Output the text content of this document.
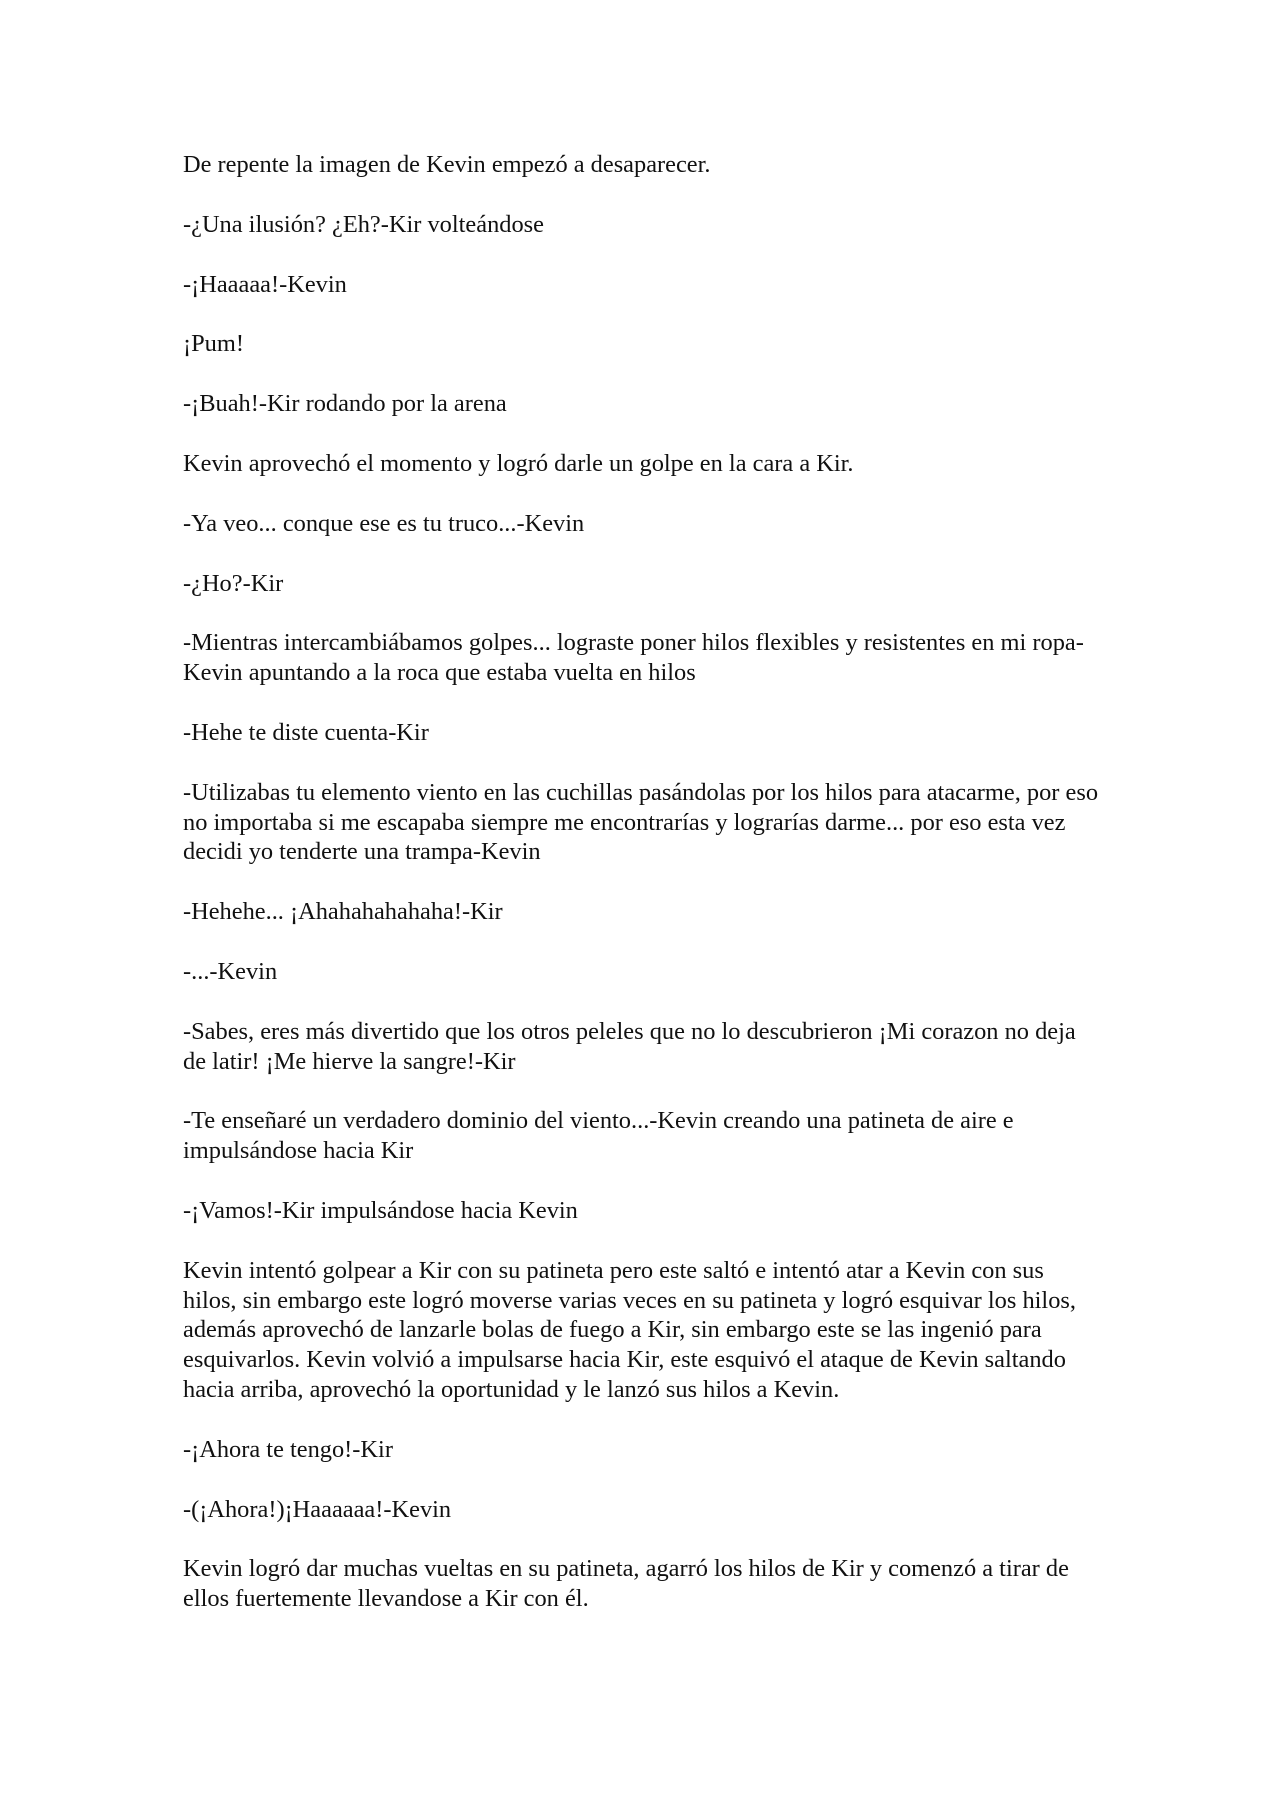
De repente la imagen de Kevin empezó a desaparecer.

-¿Una ilusión? ¿Eh?-Kir volteándose

-¡Haaaaa!-Kevin

¡Pum!

-¡Buah!-Kir rodando por la arena

Kevin aprovechó el momento y logró darle un golpe en la cara a Kir.

-Ya veo... conque ese es tu truco...-Kevin

-¿Ho?-Kir

-Mientras intercambiábamos golpes... lograste poner hilos flexibles y resistentes en mi ropa-Kevin apuntando a la roca que estaba vuelta en hilos

-Hehe te diste cuenta-Kir

-Utilizabas tu elemento viento en las cuchillas pasándolas por los hilos para atacarme, por eso no importaba si me escapaba siempre me encontrarías y lograrías darme... por eso esta vez decidi yo tenderte una trampa-Kevin

-Hehehe... ¡Ahahahahahaha!-Kir

-...-Kevin

-Sabes, eres más divertido que los otros peleles que no lo descubrieron ¡Mi corazon no deja de latir! ¡Me hierve la sangre!-Kir

-Te enseñaré un verdadero dominio del viento...-Kevin creando una patineta de aire e impulsándose hacia Kir

-¡Vamos!-Kir impulsándose hacia Kevin

Kevin intentó golpear a Kir con su patineta pero este saltó e intentó atar a Kevin con sus hilos, sin embargo este logró moverse varias veces en su patineta y logró esquivar los hilos, además aprovechó de lanzarle bolas de fuego a Kir, sin embargo este se las ingenió para esquivarlos. Kevin volvió a impulsarse hacia Kir, este esquivó el ataque de Kevin saltando hacia arriba, aprovechó la oportunidad y le lanzó sus hilos a Kevin.

-¡Ahora te tengo!-Kir

-(¡Ahora!)¡Haaaaaa!-Kevin

Kevin logró dar muchas vueltas en su patineta, agarró los hilos de Kir y comenzó a tirar de ellos fuertemente llevandose a Kir con él.
